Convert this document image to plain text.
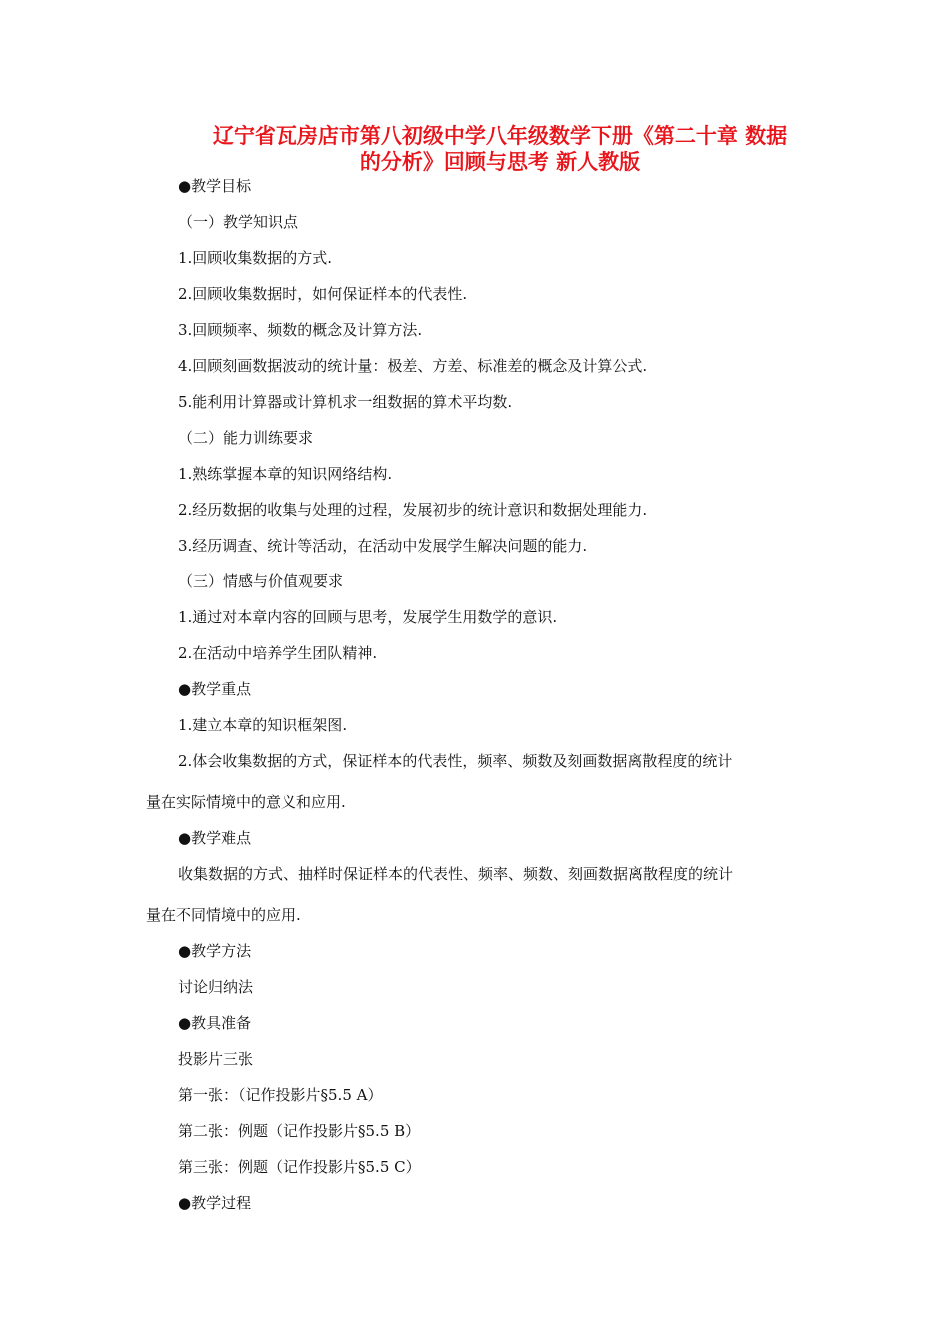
辽宁省瓦房店市第八初级中学八年级数学下册《第二十章 数据
的分析》回顾与思考 新人教版
●教学目标
（一）教学知识点
1.回顾收集数据的方式.
2.回顾收集数据时，如何保证样本的代表性.
3.回顾频率、频数的概念及计算方法.
4.回顾刻画数据波动的统计量：极差、方差、标准差的概念及计算公式.
5.能利用计算器或计算机求一组数据的算术平均数.
（二）能力训练要求
1.熟练掌握本章的知识网络结构.
2.经历数据的收集与处理的过程，发展初步的统计意识和数据处理能力.
3.经历调查、统计等活动，在活动中发展学生解决问题的能力.
（三）情感与价值观要求
1.通过对本章内容的回顾与思考，发展学生用数学的意识.
2.在活动中培养学生团队精神.
●教学重点
1.建立本章的知识框架图.
2.体会收集数据的方式，保证样本的代表性，频率、频数及刻画数据离散程度的统计
量在实际情境中的意义和应用.
●教学难点
收集数据的方式、抽样时保证样本的代表性、频率、频数、刻画数据离散程度的统计
量在不同情境中的应用.
●教学方法
讨论归纳法
●教具准备
投影片三张
第一张：（记作投影片§5.5 A）
第二张：例题（记作投影片§5.5 B）
第三张：例题（记作投影片§5.5 C）
●教学过程
